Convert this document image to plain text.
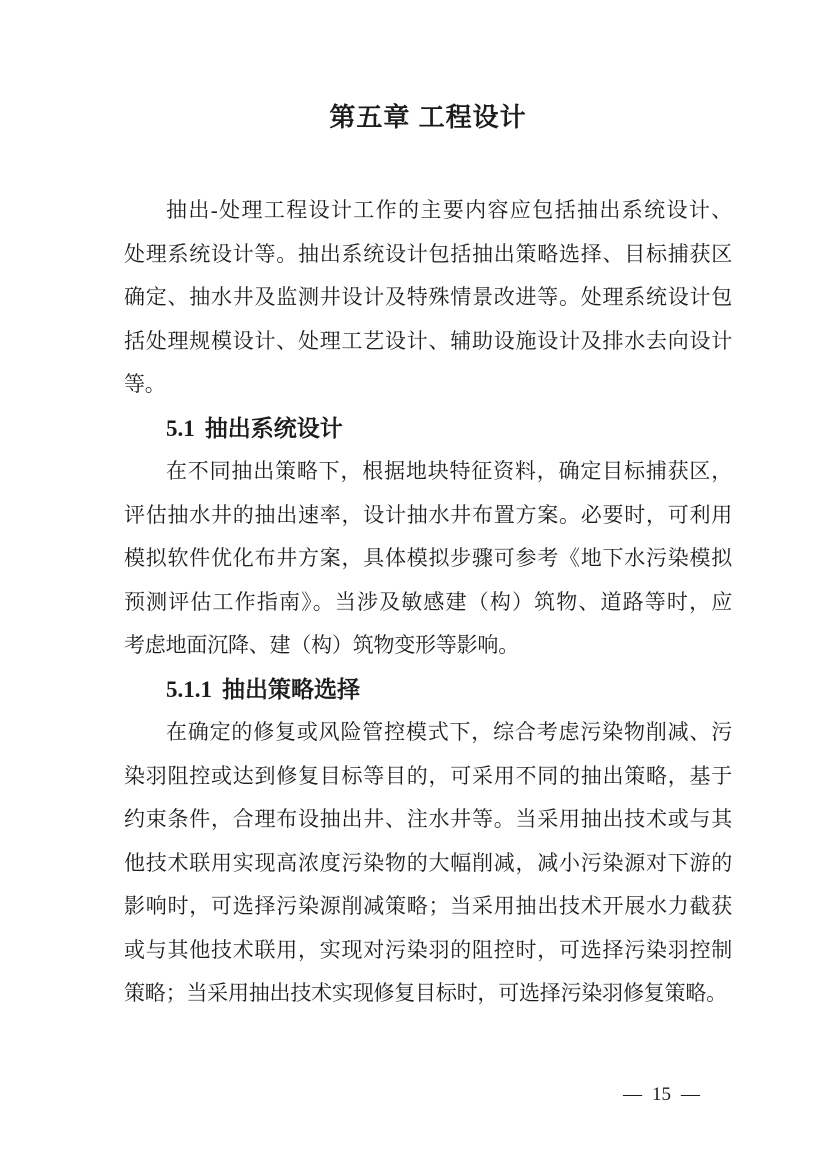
第五章 工程设计
抽出-处理工程设计工作的主要内容应包括抽出系统设计、
处理系统设计等。抽出系统设计包括抽出策略选择、目标捕获区
确定、抽水井及监测井设计及特殊情景改进等。处理系统设计包
括处理规模设计、处理工艺设计、辅助设施设计及排水去向设计
等。
5.1 抽出系统设计
在不同抽出策略下，根据地块特征资料，确定目标捕获区，
评估抽水井的抽出速率，设计抽水井布置方案。必要时，可利用
模拟软件优化布井方案，具体模拟步骤可参考《地下水污染模拟
预测评估工作指南》。当涉及敏感建（构）筑物、道路等时，应
考虑地面沉降、建（构）筑物变形等影响。
5.1.1 抽出策略选择
在确定的修复或风险管控模式下，综合考虑污染物削减、污
染羽阻控或达到修复目标等目的，可采用不同的抽出策略，基于
约束条件，合理布设抽出井、注水井等。当采用抽出技术或与其
他技术联用实现高浓度污染物的大幅削减，减小污染源对下游的
影响时，可选择污染源削减策略；当采用抽出技术开展水力截获
或与其他技术联用，实现对污染羽的阻控时，可选择污染羽控制
策略；当采用抽出技术实现修复目标时，可选择污染羽修复策略。
— 15 —
